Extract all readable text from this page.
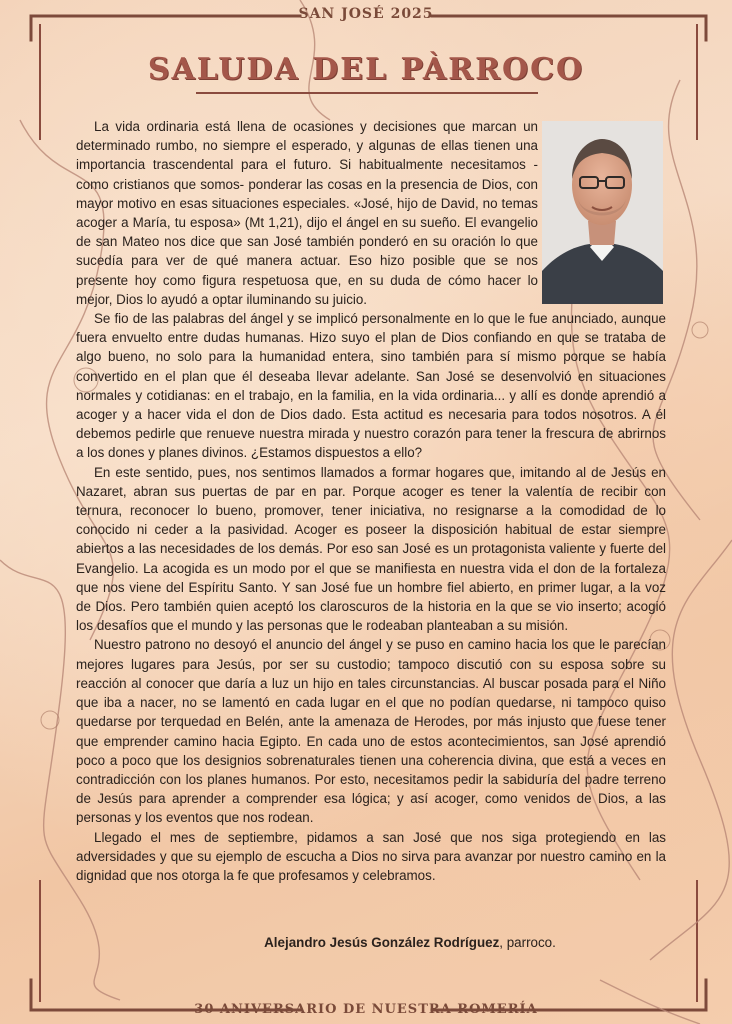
SAN JOSÉ 2025
SALUDA DEL PÀRROCO

La vida ordinaria está llena de ocasiones y decisiones que marcan un determinado rumbo, no siempre el esperado, y algunas de ellas tienen una importancia trascendental para el futuro. Si habitualmente necesitamos -como cristianos que somos- ponderar las cosas en la presencia de Dios, con mayor motivo en esas situaciones especiales. «José, hijo de David, no temas acoger a María, tu esposa» (Mt 1,21), dijo el ángel en su sueño. El evangelio de san Mateo nos dice que san José también ponderó en su oración lo que sucedía para ver de qué manera actuar. Eso hizo posible que se nos presente hoy como figura respetuosa que, en su duda de cómo hacer lo mejor, Dios lo ayudó a optar iluminando su juicio.

Se fio de las palabras del ángel y se implicó personalmente en lo que le fue anunciado, aunque fuera envuelto entre dudas humanas. Hizo suyo el plan de Dios confiando en que se trataba de algo bueno, no solo para la humanidad entera, sino también para sí mismo porque se había convertido en el plan que él deseaba llevar adelante. San José se desenvolvió en situaciones normales y cotidianas: en el trabajo, en la familia, en la vida ordinaria... y allí es donde aprendió a acoger y a hacer vida el don de Dios dado. Esta actitud es necesaria para todos nosotros. A él debemos pedirle que renueve nuestra mirada y nuestro corazón para tener la frescura de abrirnos a los dones y planes divinos. ¿Estamos dispuestos a ello?

En este sentido, pues, nos sentimos llamados a formar hogares que, imitando al de Jesús en Nazaret, abran sus puertas de par en par. Porque acoger es tener la valentía de recibir con ternura, reconocer lo bueno, promover, tener iniciativa, no resignarse a la comodidad de lo conocido ni ceder a la pasividad. Acoger es poseer la disposición habitual de estar siempre abiertos a las necesidades de los demás. Por eso san José es un protagonista valiente y fuerte del Evangelio. La acogida es un modo por el que se manifiesta en nuestra vida el don de la fortaleza que nos viene del Espíritu Santo. Y san José fue un hombre fiel abierto, en primer lugar, a la voz de Dios. Pero también quien aceptó los claroscuros de la historia en la que se vio inserto; acogió los desafíos que el mundo y las personas que le rodeaban planteaban a su misión.

Nuestro patrono no desoyó el anuncio del ángel y se puso en camino hacia los que le parecían mejores lugares para Jesús, por ser su custodio; tampoco discutió con su esposa sobre su reacción al conocer que daría a luz un hijo en tales circunstancias. Al buscar posada para el Niño que iba a nacer, no se lamentó en cada lugar en el que no podían quedarse, ni tampoco quiso quedarse por terquedad en Belén, ante la amenaza de Herodes, por más injusto que fuese tener que emprender camino hacia Egipto. En cada uno de estos acontecimientos, san José aprendió poco a poco que los designios sobrenaturales tienen una coherencia divina, que está a veces en contradicción con los planes humanos. Por esto, necesitamos pedir la sabiduría del padre terreno de Jesús para aprender a comprender esa lógica; y así acoger, como venidos de Dios, a las personas y los eventos que nos rodean.

Llegado el mes de septiembre, pidamos a san José que nos siga protegiendo en las adversidades y que su ejemplo de escucha a Dios no sirva para avanzar por nuestro camino en la dignidad que nos otorga la fe que profesamos y celebramos.

Alejandro Jesús González Rodríguez, parroco.
30 ANIVERSARIO DE NUESTRA ROMERÍA
